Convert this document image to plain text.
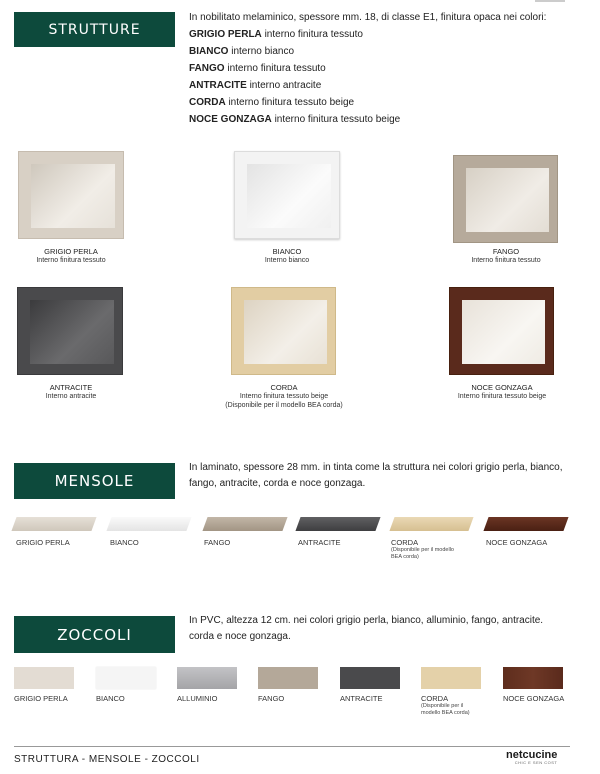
STRUTTURE
In nobilitato melaminico, spessore mm. 18, di classe E1, finitura opaca nei colori:
GRIGIO PERLA interno finitura tessuto
BIANCO interno bianco
FANGO interno finitura tessuto
ANTRACITE interno antracite
CORDA interno finitura tessuto beige
NOCE GONZAGA interno finitura tessuto beige
GRIGIO PERLA
Interno finitura tessuto
BIANCO
Interno bianco
FANGO
Interno finitura tessuto
ANTRACITE
Interno antracite
CORDA
Interno finitura tessuto beige
(Disponibile per il modello BEA corda)
NOCE GONZAGA
Interno finitura tessuto beige
MENSOLE
In laminato, spessore 28 mm. in tinta come la struttura nei colori grigio perla, bianco, fango, antracite, corda e noce gonzaga.
GRIGIO PERLA	BIANCO	FANGO	ANTRACITE	CORDA
(Disponibile per il modello BEA corda)
NOCE GONZAGA
ZOCCOLI
In PVC, altezza 12 cm. nei colori grigio perla, bianco, alluminio, fango, antracite. corda e noce gonzaga.
GRIGIO PERLA	BIANCO	ALLUMINIO	FANGO	ANTRACITE	CORDA
(Disponibile per il modello BEA corda)
NOCE GONZAGA
STRUTTURA - MENSOLE - ZOCCOLI	netcucine
CHIC E SEN COST
